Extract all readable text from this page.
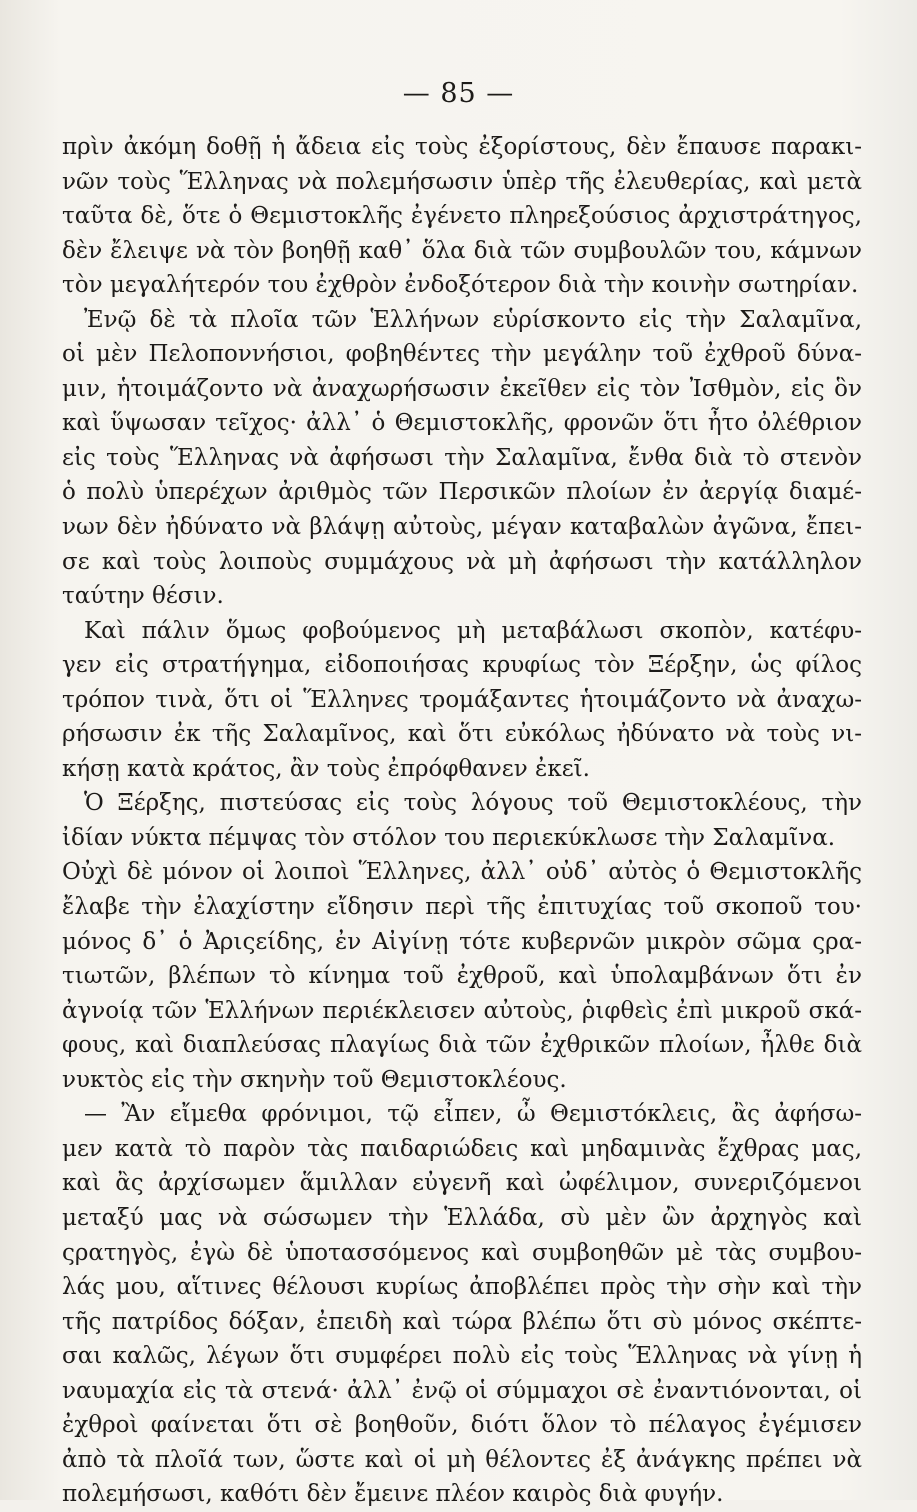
— 85 —
πρὶν ἀκόμη δοθῇ ἡ ἄδεια εἰς τοὺς ἐξορίστους, δὲν ἔπαυσε παρακι-
νῶν τοὺς Ἕλληνας νὰ πολεμήσωσιν ὑπὲρ τῆς ἐλευθερίας, καὶ μετὰ
ταῦτα δὲ, ὅτε ὁ Θεμιστοκλῆς ἐγένετο πληρεξούσιος ἀρχιστράτηγος,
δὲν ἔλειψε νὰ τὸν βοηθῇ καθ᾽ ὅλα διὰ τῶν συμβουλῶν του, κάμνων
τὸν μεγαλήτερόν του ἐχθρὸν ἐνδοξότερον διὰ τὴν κοινὴν σωτηρίαν.
Ἐνῷ δὲ τὰ πλοῖα τῶν Ἑλλήνων εὑρίσκοντο εἰς τὴν Σαλαμῖνα,
οἱ μὲν Πελοποννήσιοι, φοβηθέντες τὴν μεγάλην τοῦ ἐχθροῦ δύνα-
μιν, ἡτοιμάζοντο νὰ ἀναχωρήσωσιν ἐκεῖθεν εἰς τὸν Ἰσθμὸν, εἰς ὃν
καὶ ὕψωσαν τεῖχος· ἀλλ᾽ ὁ Θεμιστοκλῆς, φρονῶν ὅτι ἦτο ὀλέθριον
εἰς τοὺς Ἕλληνας νὰ ἀφήσωσι τὴν Σαλαμῖνα, ἔνθα διὰ τὸ στενὸν
ὁ πολὺ ὑπερέχων ἀριθμὸς τῶν Περσικῶν πλοίων ἐν ἀεργίᾳ διαμέ-
νων δὲν ἠδύνατο νὰ βλάψῃ αὐτοὺς, μέγαν καταβαλὼν ἀγῶνα, ἔπει-
σε καὶ τοὺς λοιποὺς συμμάχους νὰ μὴ ἀφήσωσι τὴν κατάλληλον
ταύτην θέσιν.
Καὶ πάλιν ὅμως φοβούμενος μὴ μεταβάλωσι σκοπὸν, κατέφυ-
γεν εἰς στρατήγημα, εἰδοποιήσας κρυφίως τὸν Ξέρξην, ὡς φίλος
τρόπον τινὰ, ὅτι οἱ Ἕλληνες τρομάξαντες ἡτοιμάζοντο νὰ ἀναχω-
ρήσωσιν ἐκ τῆς Σαλαμῖνος, καὶ ὅτι εὐκόλως ἠδύνατο νὰ τοὺς νι-
κήσῃ κατὰ κράτος, ἂν τοὺς ἐπρόφθανεν ἐκεῖ.
Ὁ Ξέρξης, πιστεύσας εἰς τοὺς λόγους τοῦ Θεμιστοκλέους, τὴν
ἰδίαν νύκτα πέμψας τὸν στόλον του περιεκύκλωσε τὴν Σαλαμῖνα.
Οὐχὶ δὲ μόνον οἱ λοιποὶ Ἕλληνες, ἀλλ᾽ οὐδ᾽ αὐτὸς ὁ Θεμιστοκλῆς
ἔλαβε τὴν ἐλαχίστην εἴδησιν περὶ τῆς ἐπιτυχίας τοῦ σκοποῦ του·
μόνος δ᾽ ὁ Ἀριςείδης, ἐν Αἰγίνῃ τότε κυβερνῶν μικρὸν σῶμα ςρα-
τιωτῶν, βλέπων τὸ κίνημα τοῦ ἐχθροῦ, καὶ ὑπολαμβάνων ὅτι ἐν
ἀγνοίᾳ τῶν Ἑλλήνων περιέκλεισεν αὐτοὺς, ῥιφθεὶς ἐπὶ μικροῦ σκά-
φους, καὶ διαπλεύσας πλαγίως διὰ τῶν ἐχθρικῶν πλοίων, ἦλθε διὰ
νυκτὸς εἰς τὴν σκηνὴν τοῦ Θεμιστοκλέους.
— Ἂν εἴμεθα φρόνιμοι, τῷ εἶπεν, ὦ Θεμιστόκλεις, ἂς ἀφήσω-
μεν κατὰ τὸ παρὸν τὰς παιδαριώδεις καὶ μηδαμινὰς ἔχθρας μας,
καὶ ἂς ἀρχίσωμεν ἅμιλλαν εὐγενῆ καὶ ὠφέλιμον, συνεριζόμενοι
μεταξύ μας νὰ σώσωμεν τὴν Ἑλλάδα, σὺ μὲν ὢν ἀρχηγὸς καὶ
ςρατηγὸς, ἐγὼ δὲ ὑποτασσόμενος καὶ συμβοηθῶν μὲ τὰς συμβου-
λάς μου, αἵτινες θέλουσι κυρίως ἀποβλέπει πρὸς τὴν σὴν καὶ τὴν
τῆς πατρίδος δόξαν, ἐπειδὴ καὶ τώρα βλέπω ὅτι σὺ μόνος σκέπτε-
σαι καλῶς, λέγων ὅτι συμφέρει πολὺ εἰς τοὺς Ἕλληνας νὰ γίνῃ ἡ
ναυμαχία εἰς τὰ στενά· ἀλλ᾽ ἐνῷ οἱ σύμμαχοι σὲ ἐναντιόνονται, οἱ
ἐχθροὶ φαίνεται ὅτι σὲ βοηθοῦν, διότι ὅλον τὸ πέλαγος ἐγέμισεν
ἀπὸ τὰ πλοῖά των, ὥστε καὶ οἱ μὴ θέλοντες ἐξ ἀνάγκης πρέπει νὰ
πολεμήσωσι, καθότι δὲν ἔμεινε πλέον καιρὸς διὰ φυγήν.
